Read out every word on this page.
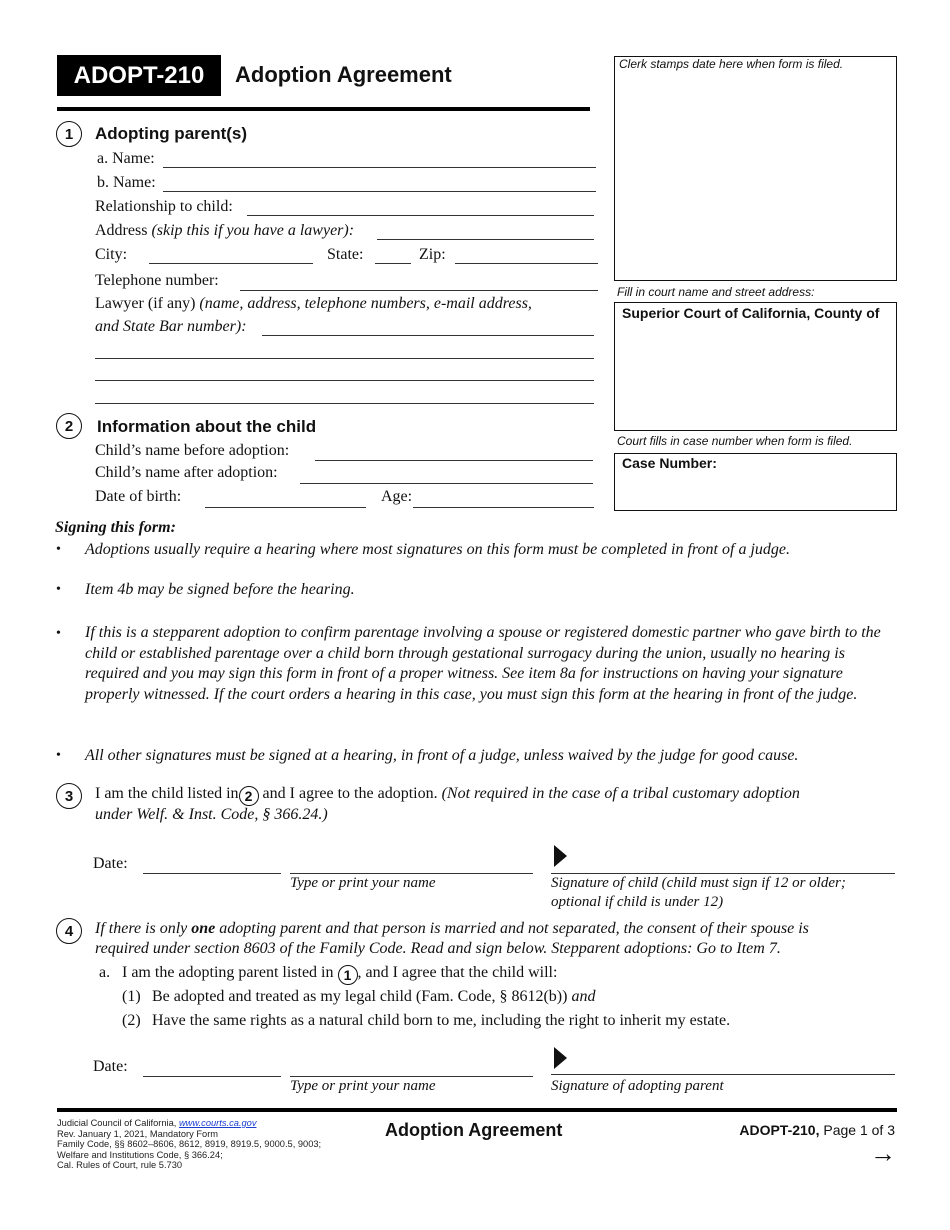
ADOPT-210	Adoption Agreement	Clerk stamps date here when form is filed.
Fill in court name and street address:
Superior Court of California, County of
Court fills in case number when form is filed.
Case Number:
1	Adopting parent(s)
a. Name:
b. Name:
Relationship to child:
Address (skip this if you have a lawyer):
City:	State:	Zip:
Telephone number:
Lawyer (if any) (name, address, telephone numbers, e-mail address,
and State Bar number):
2	Information about the child
Child’s name before adoption:
Child’s name after adoption:
Date of birth:	Age:
Signing this form:
• Adoptions usually require a hearing where most signatures on this form must be completed in front of a judge.
• Item 4b may be signed before the hearing.
• If this is a stepparent adoption to confirm parentage involving a spouse or registered domestic partner who gave birth to the child or established parentage over a child born through gestational surrogacy during the union, usually no hearing is required and you may sign this form in front of a proper witness. See item 8a for instructions on having your signature properly witnessed. If the court orders a hearing in this case, you must sign this form at the hearing in front of the judge.
• All other signatures must be signed at a hearing, in front of a judge, unless waived by the judge for good cause.
3	I am the child listed in 2 and I agree to the adoption. (Not required in the case of a tribal customary adoption
under Welf. & Inst. Code, § 366.24.)
Date:
Type or print your name	Signature of child (child must sign if 12 or older;
optional if child is under 12)
4	If there is only one adopting parent and that person is married and not separated, the consent of their spouse is
required under section 8603 of the Family Code. Read and sign below. Stepparent adoptions: Go to Item 7.
a. I am the adopting parent listed in 1 , and I agree that the child will:
(1) Be adopted and treated as my legal child (Fam. Code, § 8612(b)) and
(2) Have the same rights as a natural child born to me, including the right to inherit my estate.
Date:
Type or print your name	Signature of adopting parent
Judicial Council of California, www.courts.ca.gov
Rev. January 1, 2021, Mandatory Form
Family Code, §§ 8602–8606, 8612, 8919, 8919.5, 9000.5, 9003;
Welfare and Institutions Code, § 366.24;
Cal. Rules of Court, rule 5.730
Adoption Agreement	ADOPT-210, Page 1 of 3
→
